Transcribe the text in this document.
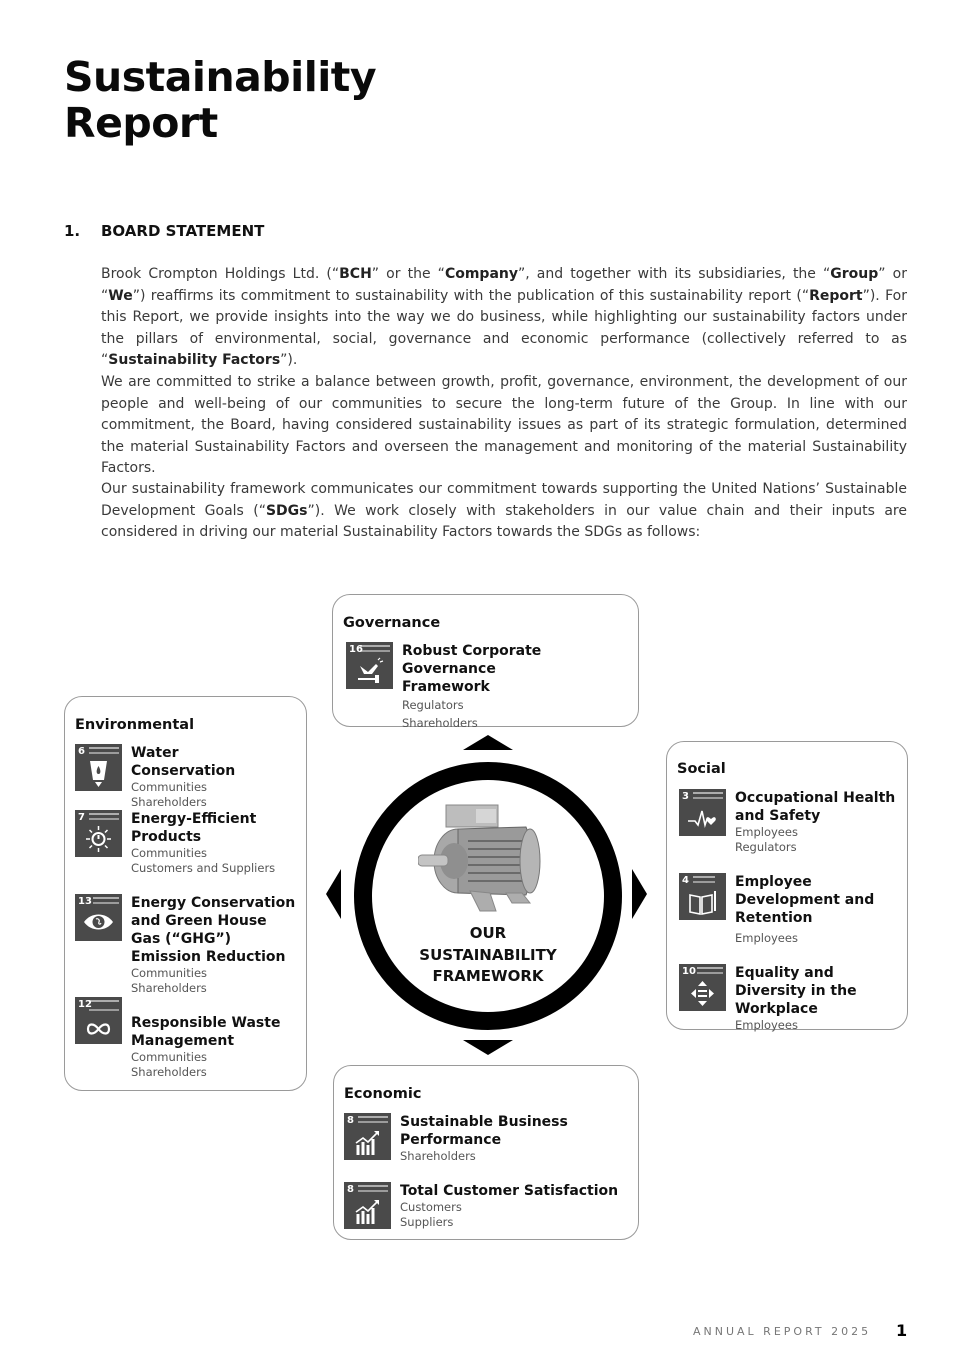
Sustainability
Report
1. BOARD STATEMENT

Brook Crompton Holdings Ltd. (“BCH” or the “Company”, and together with its subsidiaries, the “Group” or “We”) reaffirms its commitment to sustainability with the publication of this sustainability report (“Report”). For this Report, we provide insights into the way we do business, while highlighting our sustainability factors under the pillars of environmental, social, governance and economic performance (collectively referred to as “Sustainability Factors”).

We are committed to strike a balance between growth, profit, governance, environment, the development of our people and well-being of our communities to secure the long-term future of the Group. In line with our commitment, the Board, having considered sustainability issues as part of its strategic formulation, determined the material Sustainability Factors and overseen the management and monitoring of the material Sustainability Factors.

Our sustainability framework communicates our commitment towards supporting the United Nations’ Sustainable Development Goals (“SDGs”). We work closely with stakeholders in our value chain and their inputs are considered in driving our material Sustainability Factors towards the SDGs as follows:

Governance
16	Robust Corporate Governance Framework
Regulators
Shareholders
Environmental
6	Water Conservation
Communities
Shareholders
7	Energy-Efficient Products
Communities
Customers and Suppliers
13	Energy Conservation and Green House Gas (“GHG”) Emission Reduction
Communities
Shareholders
12
Responsible Waste Management
Communities
Shareholders
Social
3	Occupational Health and Safety
Employees
Regulators
4	Employee Development and Retention
Employees
10	Equality and Diversity in the Workplace
Employees
Economic
8	Sustainable Business Performance
Shareholders
8	Total Customer Satisfaction
Customers
Suppliers
OUR
SUSTAINABILITY
FRAMEWORK
ANNUAL REPORT 2025 1
